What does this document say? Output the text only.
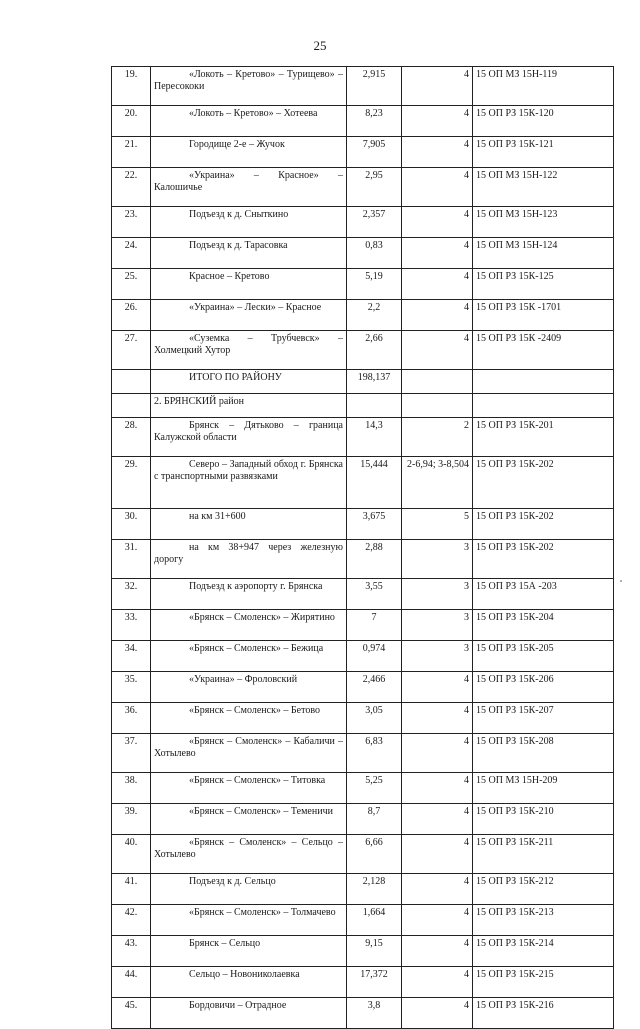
25
19.	«Локоть – Кретово» – Турищево» – Пересококи	2,915	4	15 ОП МЗ 15Н-119
20.	«Локоть – Кретово» – Хотеева	8,23	4	15 ОП РЗ 15К-120
21.	Городище 2-е – Жучок	7,905	4	15 ОП РЗ 15К-121
22.	«Украина» – Красное» – Калошичье	2,95	4	15 ОП МЗ 15Н-122
23.	Подъезд к д. Сныткино	2,357	4	15 ОП МЗ 15Н-123
24.	Подъезд к д. Тарасовка	0,83	4	15 ОП МЗ 15Н-124
25.	Красное – Кретово	5,19	4	15 ОП РЗ 15К-125
26.	«Украина» – Лески» – Красное	2,2	4	15 ОП РЗ 15К -1701
27.	«Суземка – Трубчевск» – Холмецкий Хутор	2,66	4	15 ОП РЗ 15К -2409
	ИТОГО ПО РАЙОНУ	198,137		
	2. БРЯНСКИЙ район			
28.	Брянск – Дятьково – граница Калужской области	14,3	2	15 ОП РЗ 15К-201
29.	Северо – Западный обход г. Брянска с транспортными развязками	15,444	2-6,94; 3-8,504	15 ОП РЗ 15К-202
30.	на км 31+600	3,675	5	15 ОП РЗ 15К-202
31.	на км 38+947 через железную дорогу	2,88	3	15 ОП РЗ 15К-202
32.	Подъезд к аэропорту г. Брянска	3,55	3	15 ОП РЗ 15А -203
33.	«Брянск – Смоленск» – Жирятино	7	3	15 ОП РЗ 15К-204
34.	«Брянск – Смоленск» – Бежица	0,974	3	15 ОП РЗ 15К-205
35.	«Украина» – Фроловский	2,466	4	15 ОП РЗ 15К-206
36.	«Брянск – Смоленск» – Бетово	3,05	4	15 ОП РЗ 15К-207
37.	«Брянск – Смоленск» – Кабаличи – Хотылево	6,83	4	15 ОП РЗ 15К-208
38.	«Брянск – Смоленск» – Титовка	5,25	4	15 ОП МЗ 15Н-209
39.	«Брянск – Смоленск» – Теменичи	8,7	4	15 ОП РЗ 15К-210
40.	«Брянск – Смоленск» – Сельцо – Хотылево	6,66	4	15 ОП РЗ 15К-211
41.	Подъезд к д. Сельцо	2,128	4	15 ОП РЗ 15К-212
42.	«Брянск – Смоленск» – Толмачево	1,664	4	15 ОП РЗ 15К-213
43.	Брянск – Сельцо	9,15	4	15 ОП РЗ 15К-214
44.	Сельцо – Новониколаевка	17,372	4	15 ОП РЗ 15К-215
45.	Бордовичи – Отрадное	3,8	4	15 ОП РЗ 15К-216
